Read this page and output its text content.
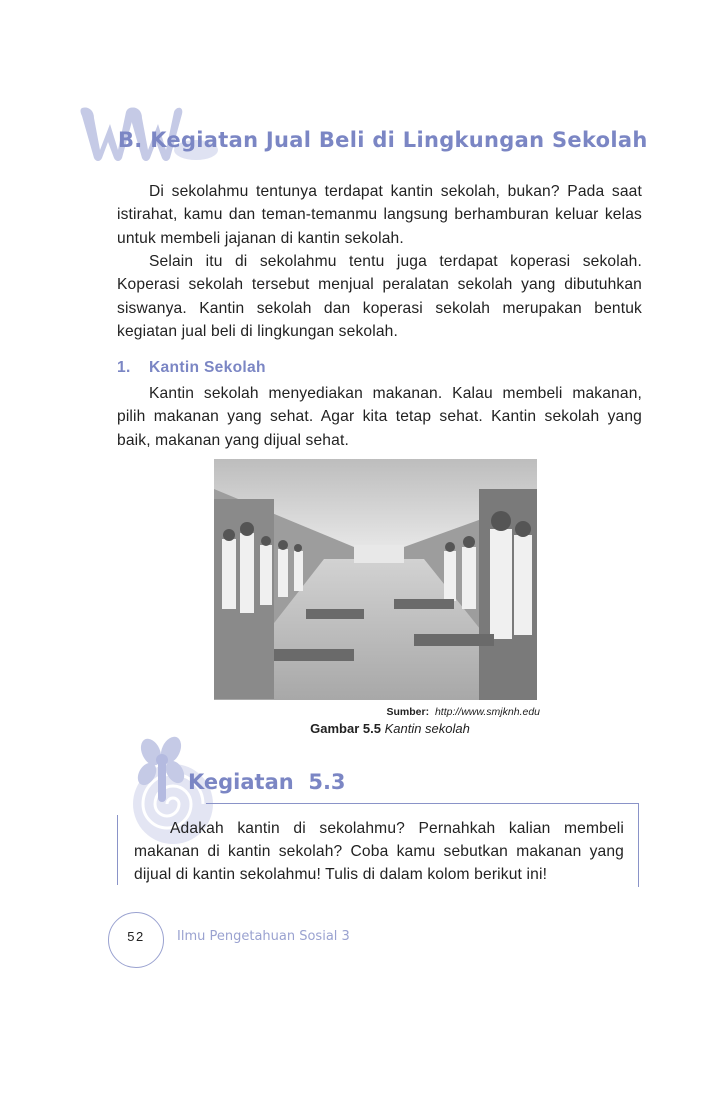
B. Kegiatan Jual Beli di Lingkungan Sekolah
Di sekolahmu tentunya terdapat kantin sekolah, bukan? Pada saat istirahat, kamu dan teman-temanmu langsung berhamburan keluar kelas untuk membeli jajanan di kantin sekolah.
Selain itu di sekolahmu tentu juga terdapat koperasi sekolah. Koperasi sekolah tersebut menjual peralatan sekolah yang dibutuhkan siswanya. Kantin sekolah dan koperasi sekolah merupakan bentuk kegiatan jual beli di lingkungan sekolah.
1. Kantin Sekolah
Kantin sekolah menyediakan makanan. Kalau membeli makanan, pilih makanan yang sehat. Agar kita tetap sehat. Kantin sekolah yang baik, makanan yang dijual sehat.
Sumber: http://www.smjknh.edu
Gambar 5.5 Kantin sekolah
Kegiatan 5.3
Adakah kantin di sekolahmu? Pernahkah kalian membeli makanan di kantin sekolah? Coba kamu sebutkan makanan yang dijual di kantin sekolahmu! Tulis di dalam kolom berikut ini!
52	Ilmu Pengetahuan Sosial 3
